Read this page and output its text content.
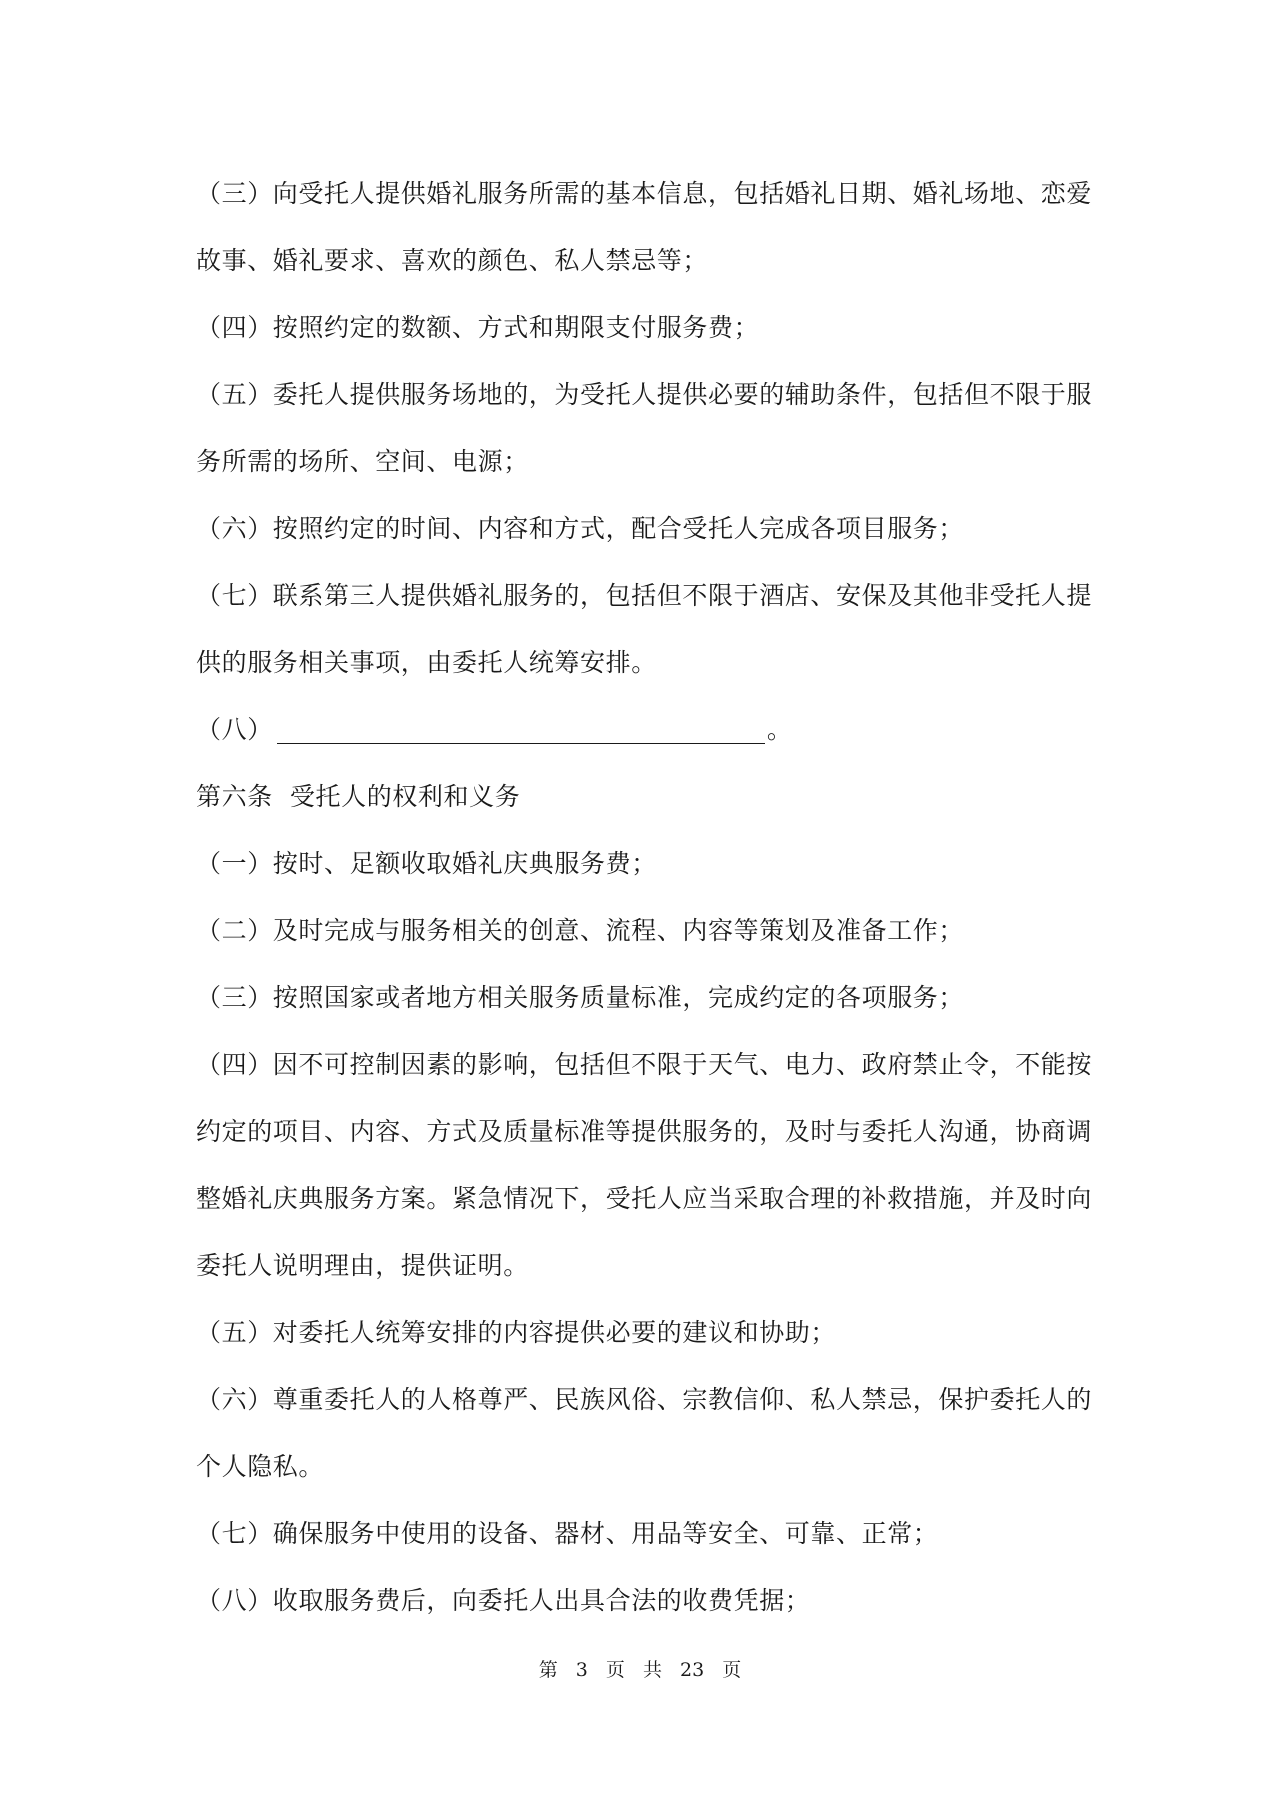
（三）向受托人提供婚礼服务所需的基本信息，包括婚礼日期、婚礼场地、恋爱
故事、婚礼要求、喜欢的颜色、私人禁忌等；
（四）按照约定的数额、方式和期限支付服务费；
（五）委托人提供服务场地的，为受托人提供必要的辅助条件，包括但不限于服
务所需的场所、空间、电源；
（六）按照约定的时间、内容和方式，配合受托人完成各项目服务；
（七）联系第三人提供婚礼服务的，包括但不限于酒店、安保及其他非受托人提
供的服务相关事项，由委托人统筹安排。
（八）	。
第六条  受托人的权利和义务
（一）按时、足额收取婚礼庆典服务费；
（二）及时完成与服务相关的创意、流程、内容等策划及准备工作；
（三）按照国家或者地方相关服务质量标准，完成约定的各项服务；
（四）因不可控制因素的影响，包括但不限于天气、电力、政府禁止令，不能按
约定的项目、内容、方式及质量标准等提供服务的，及时与委托人沟通，协商调
整婚礼庆典服务方案。紧急情况下，受托人应当采取合理的补救措施，并及时向
委托人说明理由，提供证明。
（五）对委托人统筹安排的内容提供必要的建议和协助；
（六）尊重委托人的人格尊严、民族风俗、宗教信仰、私人禁忌，保护委托人的
个人隐私。
（七）确保服务中使用的设备、器材、用品等安全、可靠、正常；
（八）收取服务费后，向委托人出具合法的收费凭据；
第 3 页 共 23 页
